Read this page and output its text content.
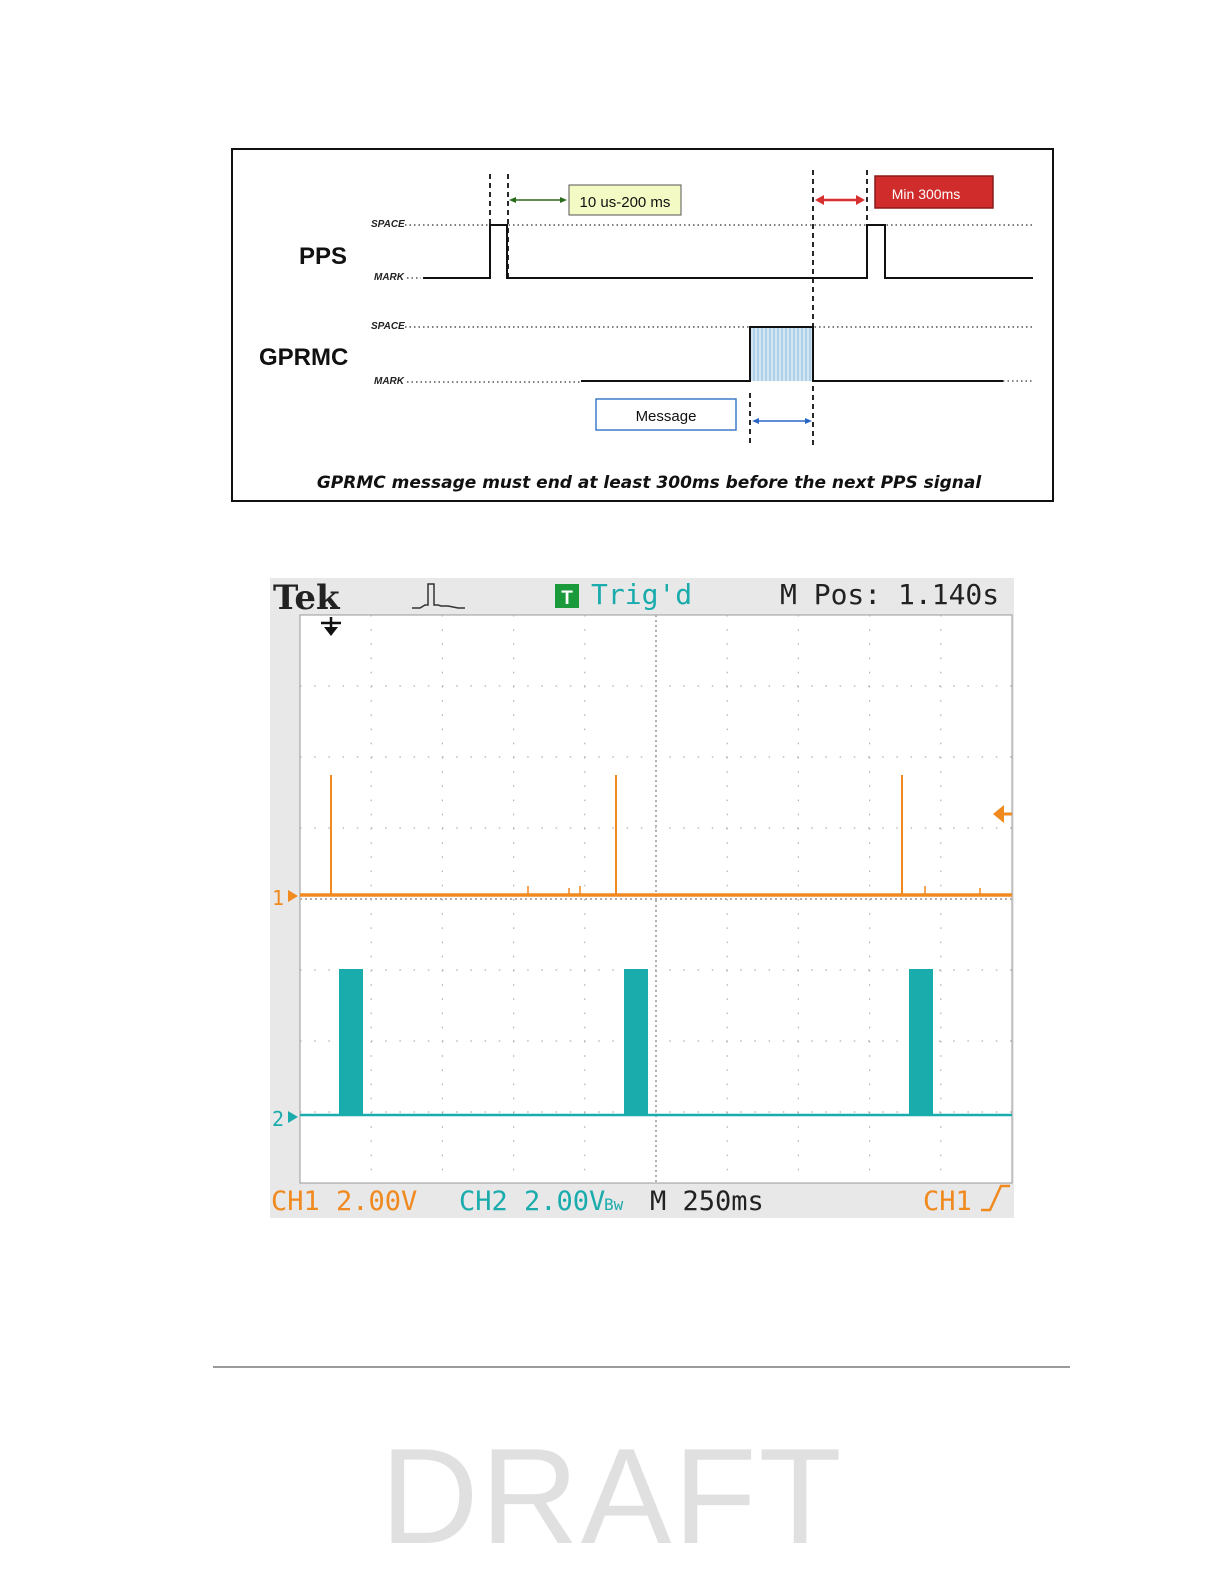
PPS
SPACE
MARK
GPRMC
SPACE
MARK
10 us-200 ms	Min 300ms
Message
GPRMC message must end at least 300ms before the next PPS signal
Tek	T Trig'd	M Pos: 1.140s
1
2
CH1 2.00V CH2 2.00V
Bw M 250ms	CH1
DRAFT
